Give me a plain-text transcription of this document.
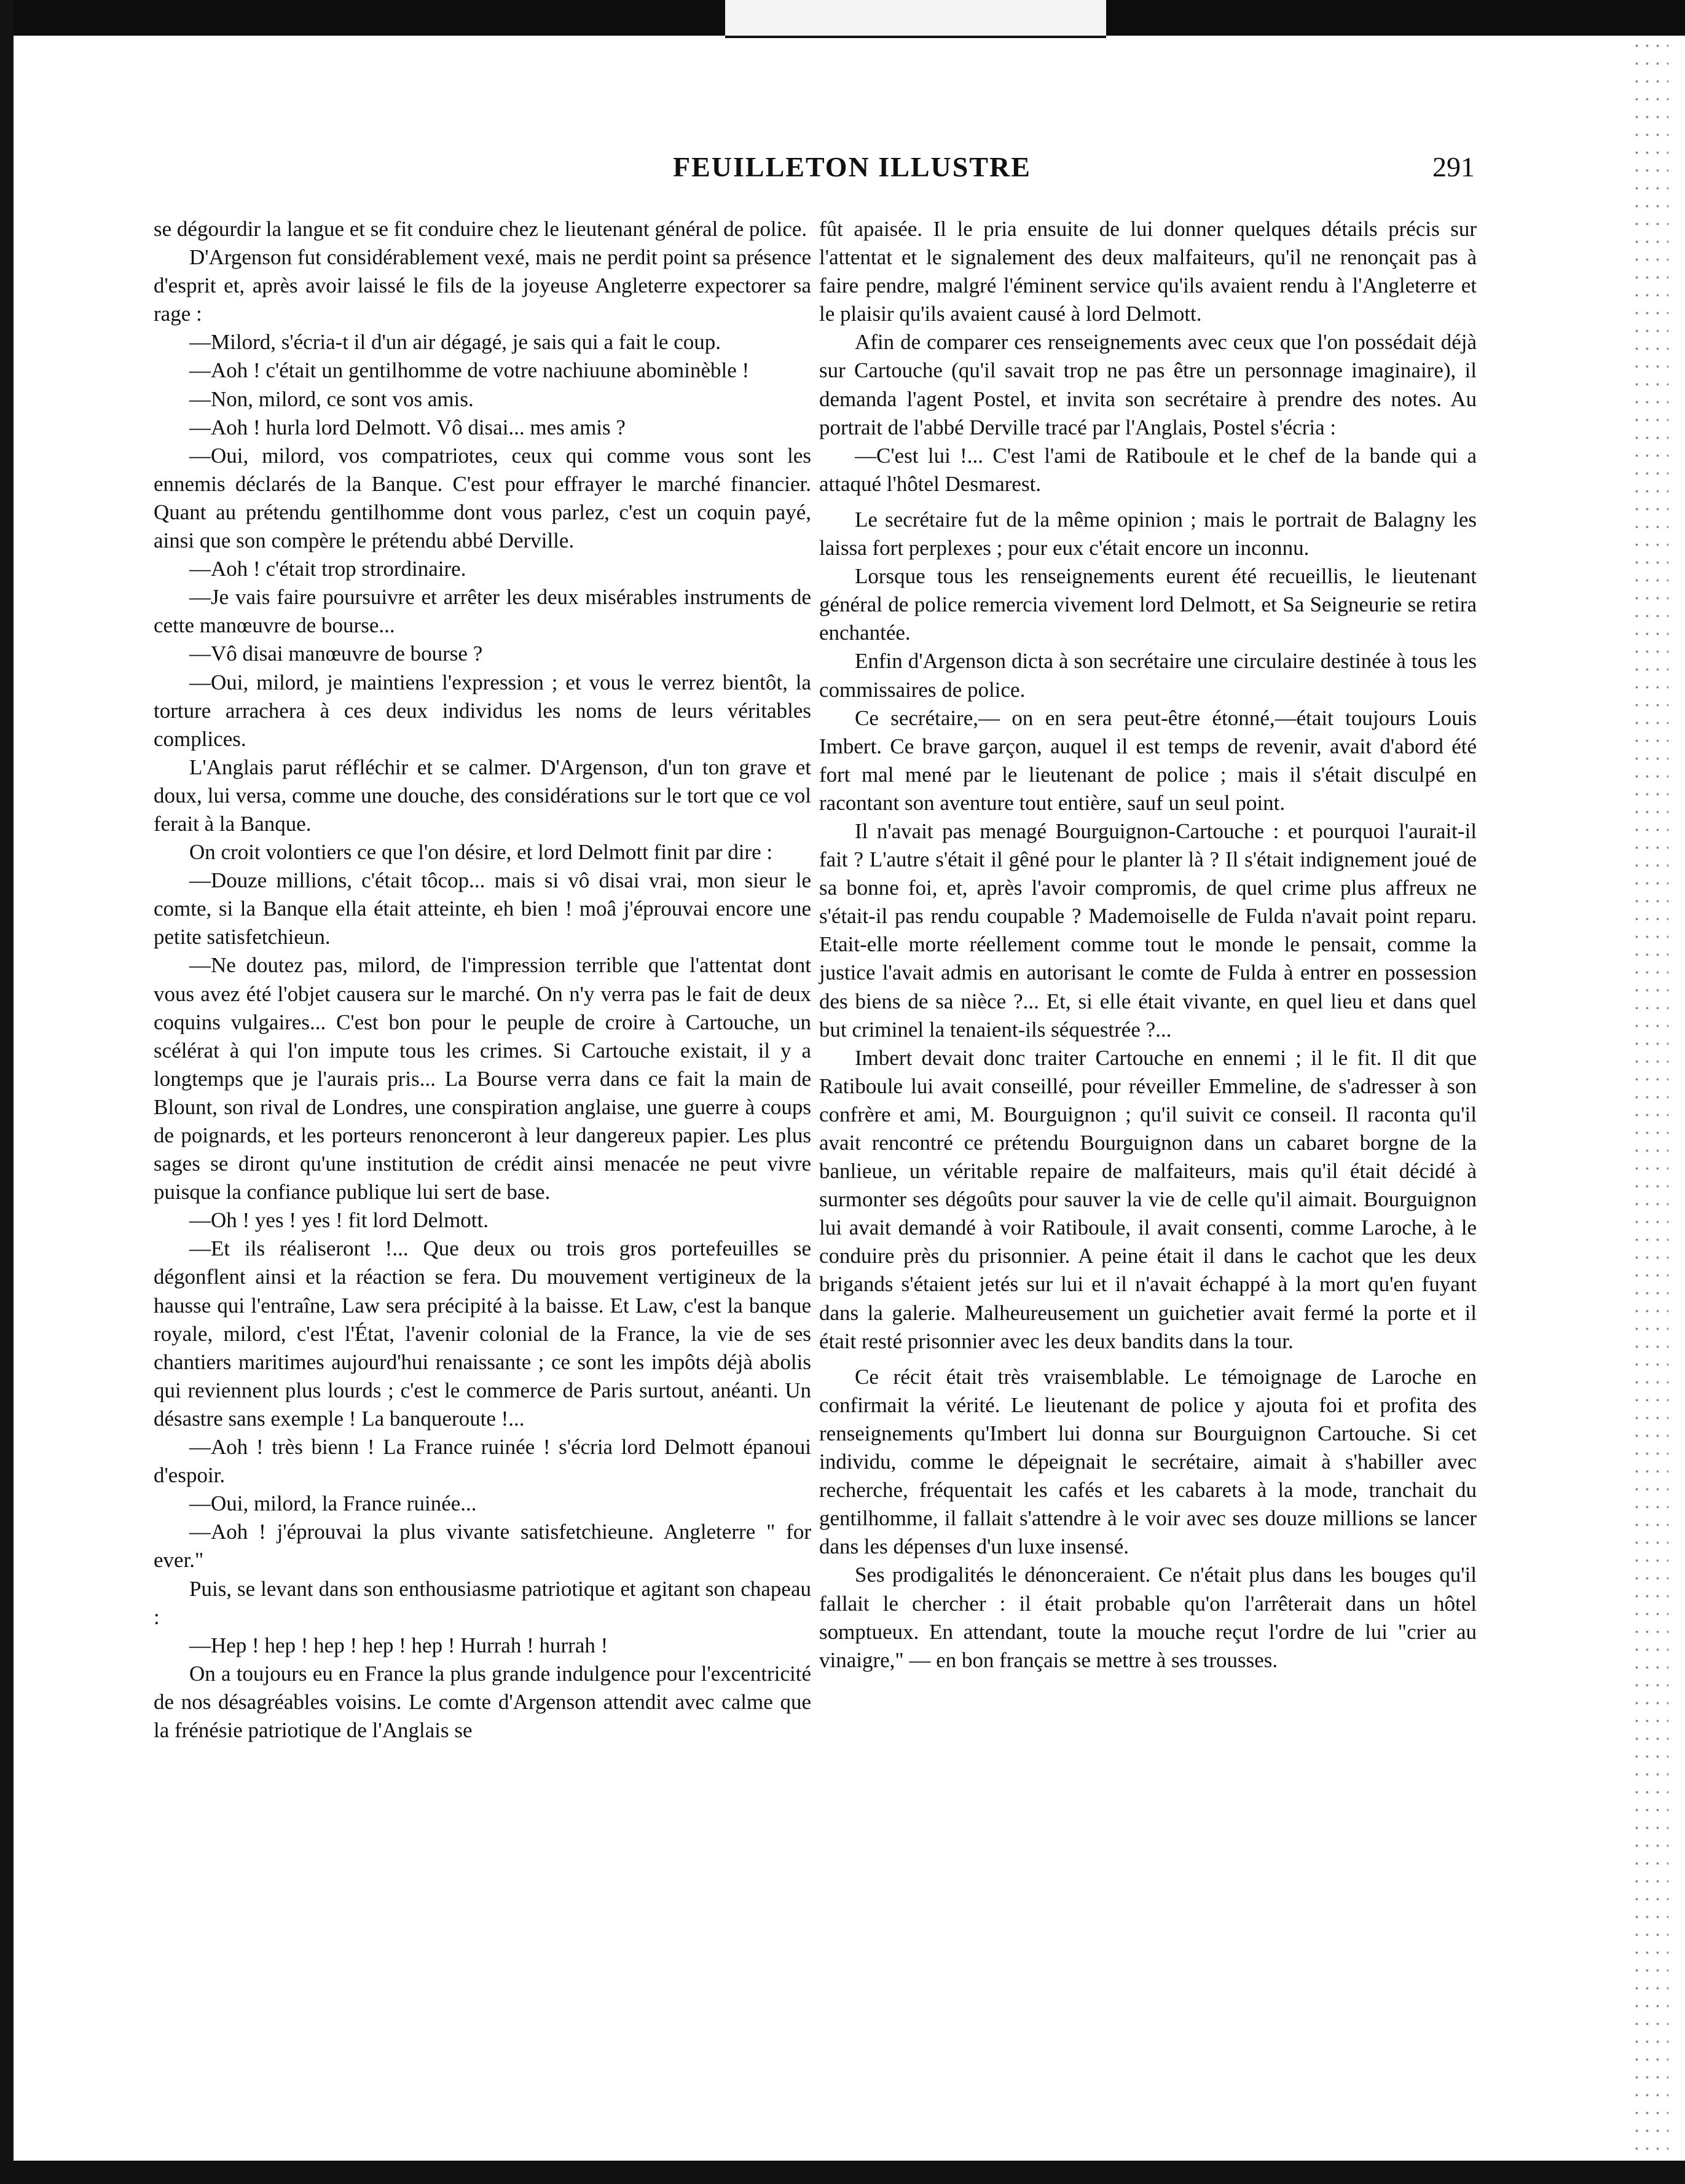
FEUILLETON ILLUSTRE	291

se dégourdir la langue et se fit conduire chez le lieutenant général de police.

D'Argenson fut considérablement vexé, mais ne perdit point sa présence d'esprit et, après avoir laissé le fils de la joyeuse Angleterre expectorer sa rage :

—Milord, s'écria-t il d'un air dégagé, je sais qui a fait le coup.

—Aoh ! c'était un gentilhomme de votre nachiuune abominèble !

—Non, milord, ce sont vos amis.

—Aoh ! hurla lord Delmott. Vô disai... mes amis ?

—Oui, milord, vos compatriotes, ceux qui comme vous sont les ennemis déclarés de la Banque. C'est pour effrayer le marché financier. Quant au prétendu gentilhomme dont vous parlez, c'est un coquin payé, ainsi que son compère le prétendu abbé Derville.

—Aoh ! c'était trop strordinaire.

—Je vais faire poursuivre et arrêter les deux misérables instruments de cette manœuvre de bourse...

—Vô disai manœuvre de bourse ?

—Oui, milord, je maintiens l'expression ; et vous le verrez bientôt, la torture arrachera à ces deux individus les noms de leurs véritables complices.

L'Anglais parut réfléchir et se calmer. D'Argenson, d'un ton grave et doux, lui versa, comme une douche, des considérations sur le tort que ce vol ferait à la Banque.

On croit volontiers ce que l'on désire, et lord Delmott finit par dire :

—Douze millions, c'était tôcop... mais si vô disai vrai, mon sieur le comte, si la Banque ella était atteinte, eh bien ! moâ j'éprouvai encore une petite satisfetchieun.

—Ne doutez pas, milord, de l'impression terrible que l'attentat dont vous avez été l'objet causera sur le marché. On n'y verra pas le fait de deux coquins vulgaires... C'est bon pour le peuple de croire à Cartouche, un scélérat à qui l'on impute tous les crimes. Si Cartouche existait, il y a longtemps que je l'aurais pris... La Bourse verra dans ce fait la main de Blount, son rival de Londres, une conspiration anglaise, une guerre à coups de poignards, et les porteurs renonceront à leur dangereux papier. Les plus sages se diront qu'une institution de crédit ainsi menacée ne peut vivre puisque la confiance publique lui sert de base.

—Oh ! yes ! yes ! fit lord Delmott.

—Et ils réaliseront !... Que deux ou trois gros portefeuilles se dégonflent ainsi et la réaction se fera. Du mouvement vertigineux de la hausse qui l'entraîne, Law sera précipité à la baisse. Et Law, c'est la banque royale, milord, c'est l'État, l'avenir colonial de la France, la vie de ses chantiers maritimes aujourd'hui renaissante ; ce sont les impôts déjà abolis qui reviennent plus lourds ; c'est le commerce de Paris surtout, anéanti. Un désastre sans exemple ! La banqueroute !...

—Aoh ! très bienn ! La France ruinée ! s'écria lord Delmott épanoui d'espoir.

—Oui, milord, la France ruinée...

—Aoh ! j'éprouvai la plus vivante satisfetchieune. Angleterre " for ever."

Puis, se levant dans son enthousiasme patriotique et agitant son chapeau :

—Hep ! hep ! hep ! hep ! hep ! Hurrah ! hurrah !

On a toujours eu en France la plus grande indulgence pour l'excentricité de nos désagréables voisins. Le comte d'Argenson attendit avec calme que la frénésie patriotique de l'Anglais se

fût apaisée. Il le pria ensuite de lui donner quelques détails précis sur l'attentat et le signalement des deux malfaiteurs, qu'il ne renonçait pas à faire pendre, malgré l'éminent service qu'ils avaient rendu à l'Angleterre et le plaisir qu'ils avaient causé à lord Delmott.

Afin de comparer ces renseignements avec ceux que l'on possédait déjà sur Cartouche (qu'il savait trop ne pas être un personnage imaginaire), il demanda l'agent Postel, et invita son secrétaire à prendre des notes. Au portrait de l'abbé Derville tracé par l'Anglais, Postel s'écria :

—C'est lui !... C'est l'ami de Ratiboule et le chef de la bande qui a attaqué l'hôtel Desmarest.

Le secrétaire fut de la même opinion ; mais le portrait de Balagny les laissa fort perplexes ; pour eux c'était encore un inconnu.

Lorsque tous les renseignements eurent été recueillis, le lieutenant général de police remercia vivement lord Delmott, et Sa Seigneurie se retira enchantée.

Enfin d'Argenson dicta à son secrétaire une circulaire destinée à tous les commissaires de police.

Ce secrétaire,— on en sera peut-être étonné,—était toujours Louis Imbert. Ce brave garçon, auquel il est temps de revenir, avait d'abord été fort mal mené par le lieutenant de police ; mais il s'était disculpé en racontant son aventure tout entière, sauf un seul point.

Il n'avait pas menagé Bourguignon-Cartouche : et pourquoi l'aurait-il fait ? L'autre s'était il gêné pour le planter là ? Il s'était indignement joué de sa bonne foi, et, après l'avoir compromis, de quel crime plus affreux ne s'était-il pas rendu coupable ? Mademoiselle de Fulda n'avait point reparu. Etait-elle morte réellement comme tout le monde le pensait, comme la justice l'avait admis en autorisant le comte de Fulda à entrer en possession des biens de sa nièce ?... Et, si elle était vivante, en quel lieu et dans quel but criminel la tenaient-ils séquestrée ?...

Imbert devait donc traiter Cartouche en ennemi ; il le fit. Il dit que Ratiboule lui avait conseillé, pour réveiller Emmeline, de s'adresser à son confrère et ami, M. Bourguignon ; qu'il suivit ce conseil. Il raconta qu'il avait rencontré ce prétendu Bourguignon dans un cabaret borgne de la banlieue, un véritable repaire de malfaiteurs, mais qu'il était décidé à surmonter ses dégoûts pour sauver la vie de celle qu'il aimait. Bourguignon lui avait demandé à voir Ratiboule, il avait consenti, comme Laroche, à le conduire près du prisonnier. A peine était il dans le cachot que les deux brigands s'étaient jetés sur lui et il n'avait échappé à la mort qu'en fuyant dans la galerie. Malheureusement un guichetier avait fermé la porte et il était resté prisonnier avec les deux bandits dans la tour.

Ce récit était très vraisemblable. Le témoignage de Laroche en confirmait la vérité. Le lieutenant de police y ajouta foi et profita des renseignements qu'Imbert lui donna sur Bourguignon Cartouche. Si cet individu, comme le dépeignait le secrétaire, aimait à s'habiller avec recherche, fréquentait les cafés et les cabarets à la mode, tranchait du gentilhomme, il fallait s'attendre à le voir avec ses douze millions se lancer dans les dépenses d'un luxe insensé.

Ses prodigalités le dénonceraient. Ce n'était plus dans les bouges qu'il fallait le chercher : il était probable qu'on l'arrêterait dans un hôtel somptueux. En attendant, toute la mouche reçut l'ordre de lui "crier au vinaigre," — en bon français se mettre à ses trousses.
